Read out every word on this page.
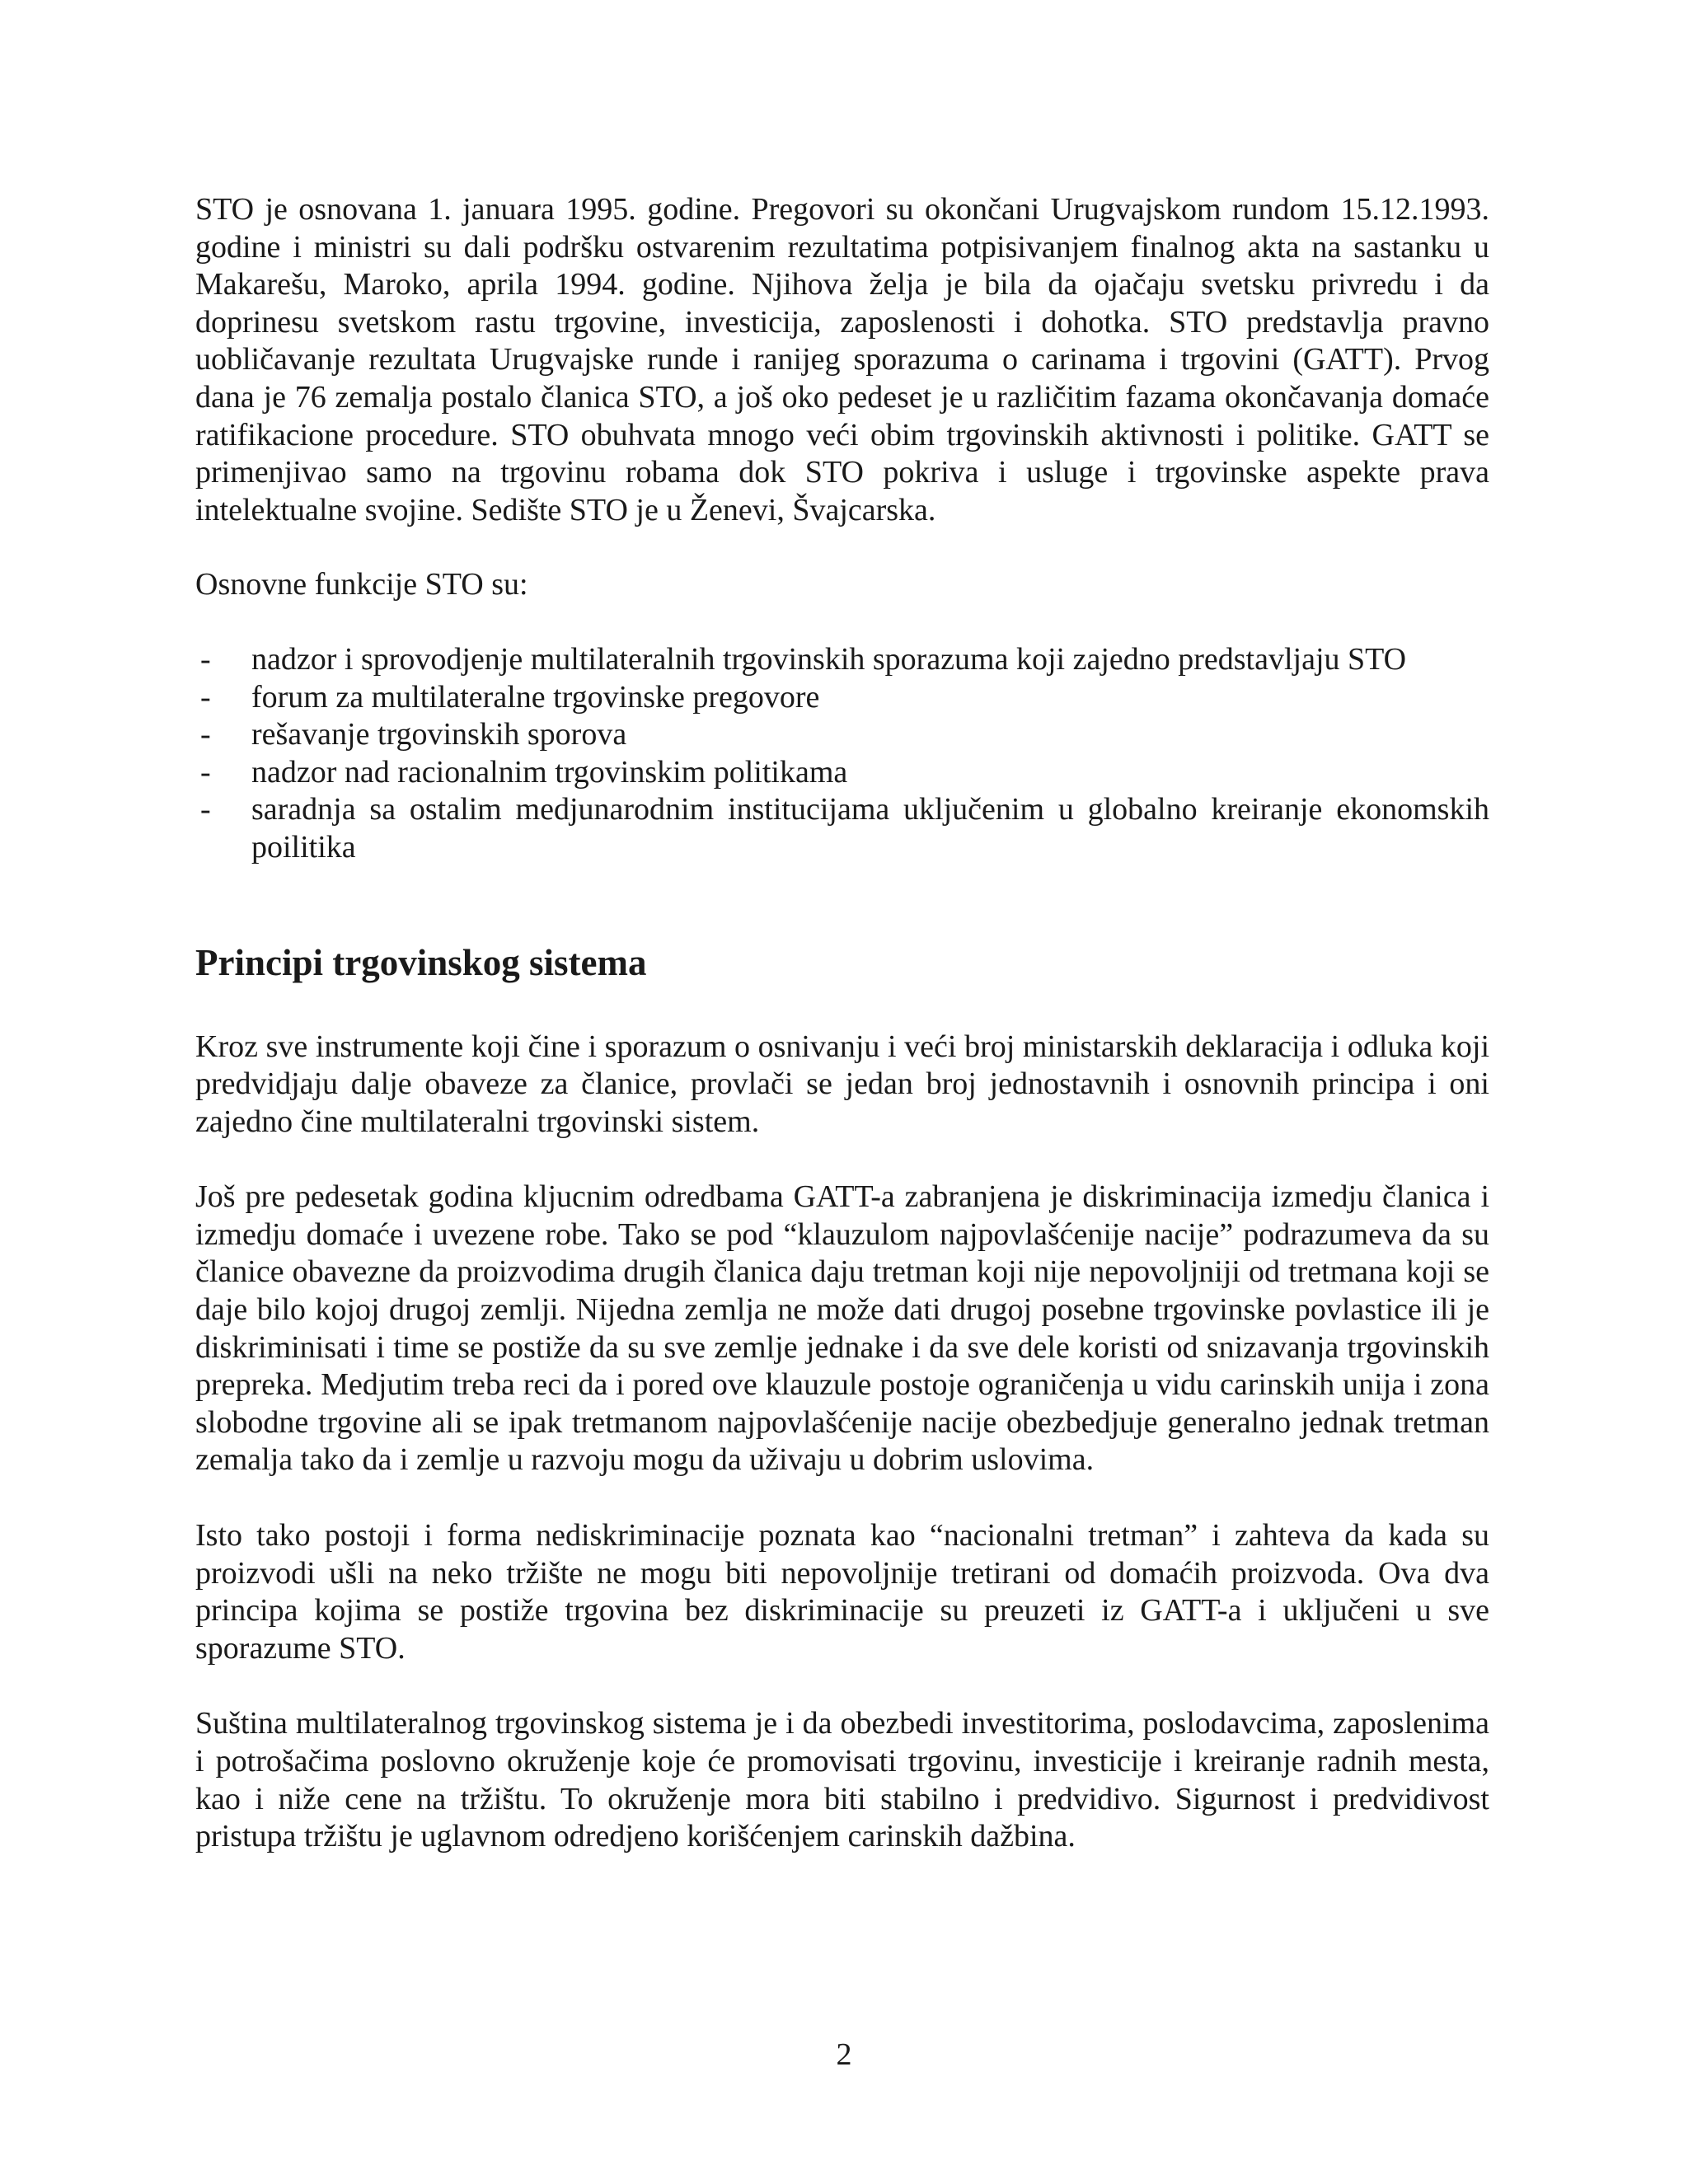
STO je osnovana 1. januara 1995. godine. Pregovori su okončani Urugvajskom rundom 15.12.1993. godine i ministri su dali podršku ostvarenim rezultatima potpisivanjem finalnog akta na sastanku u Makarešu, Maroko, aprila 1994. godine. Njihova želja je bila da ojačaju svetsku privredu i da doprinesu svetskom rastu trgovine, investicija, zaposlenosti i dohotka. STO predstavlja pravno uobličavanje rezultata Urugvajske runde i ranijeg sporazuma o carinama i trgovini (GATT). Prvog dana je 76 zemalja postalo članica STO, a još oko pedeset je u različitim fazama okončavanja domaće ratifikacione procedure. STO obuhvata mnogo veći obim trgovinskih aktivnosti i politike. GATT se primenjivao samo na trgovinu robama dok STO pokriva i usluge i trgovinske aspekte prava intelektualne svojine. Sedište STO je u Ženevi, Švajcarska.

Osnovne funkcije STO su:

- nadzor i sprovodjenje multilateralnih trgovinskih sporazuma koji zajedno predstavljaju STO
- forum za multilateralne trgovinske pregovore
- rešavanje trgovinskih sporova
- nadzor nad racionalnim trgovinskim politikama
- saradnja sa ostalim medjunarodnim institucijama uključenim u globalno kreiranje ekonomskih poilitika
Principi trgovinskog sistema

Kroz sve instrumente koji čine i sporazum o osnivanju i veći broj ministarskih deklaracija i odluka koji predvidjaju dalje obaveze za članice, provlači se jedan broj jednostavnih i osnovnih principa i oni zajedno čine multilateralni trgovinski sistem.

Još pre pedesetak godina kljucnim odredbama GATT-a zabranjena je diskriminacija izmedju članica i izmedju domaće i uvezene robe. Tako se pod “klauzulom najpovlašćenije nacije” podrazumeva da su članice obavezne da proizvodima drugih članica daju tretman koji nije nepovoljniji od tretmana koji se daje bilo kojoj drugoj zemlji. Nijedna zemlja ne može dati drugoj posebne trgovinske povlastice ili je diskriminisati i time se postiže da su sve zemlje jednake i da sve dele koristi od snizavanja trgovinskih prepreka. Medjutim treba reci da i pored ove klauzule postoje ograničenja u vidu carinskih unija i zona slobodne trgovine ali se ipak tretmanom najpovlašćenije nacije obezbedjuje generalno jednak tretman zemalja tako da i zemlje u razvoju mogu da uživaju u dobrim uslovima.

Isto tako postoji i forma nediskriminacije poznata kao “nacionalni tretman” i zahteva da kada su proizvodi ušli na neko tržište ne mogu biti nepovoljnije tretirani od domaćih proizvoda. Ova dva principa kojima se postiže trgovina bez diskriminacije su preuzeti iz GATT-a i uključeni u sve sporazume STO.

Suština multilateralnog trgovinskog sistema je i da obezbedi investitorima, poslodavcima, zaposlenima i potrošačima poslovno okruženje koje će promovisati trgovinu, investicije i kreiranje radnih mesta, kao i niže cene na tržištu. To okruženje mora biti stabilno i predvidivo. Sigurnost i predvidivost pristupa tržištu je uglavnom odredjeno korišćenjem carinskih dažbina.

2
